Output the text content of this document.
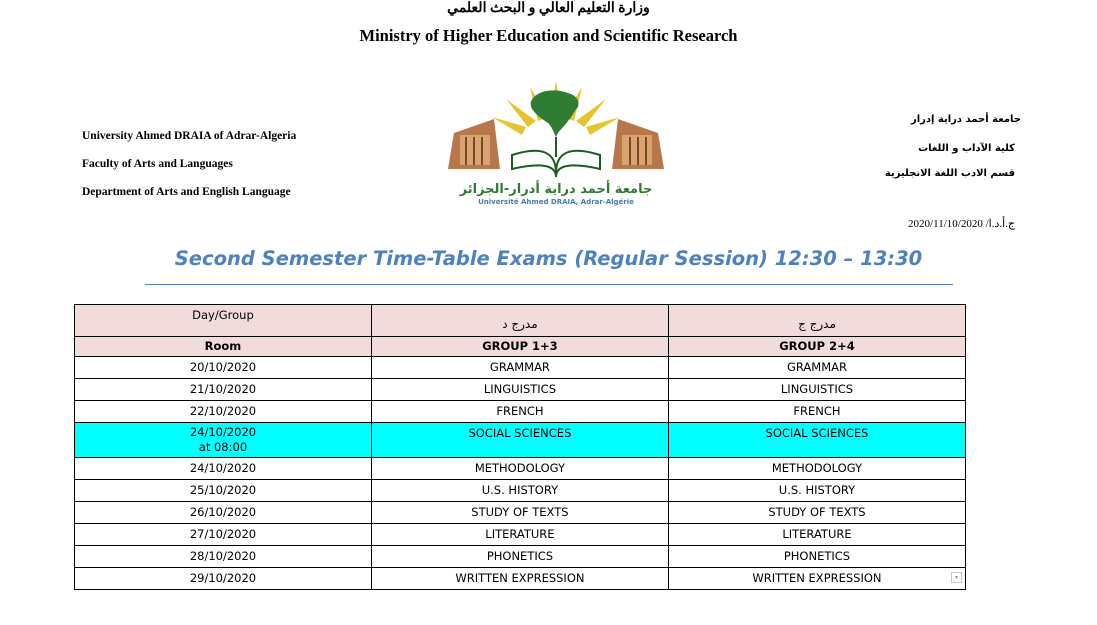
وزارة التعليم العالي و البحث العلمي
Ministry of Higher Education and Scientific Research
University Ahmed DRAIA of Adrar-Algeria
Faculty of Arts and Languages
Department of Arts and English Language
جامعة أحمد دراية إدرار
كلية الآداب و اللغات
قسم الادب اللغة الانجليزية
2020/ج.أ.د.ا/ 11/10/2020
جامعة أحمد دراية أدرار-الجزائر
Université Ahmed DRAIA, Adrar-Algérie
Second Semester Time-Table Exams (Regular Session) 12:30 – 13:30
Day/Group	مدرج د	مدرج ج
Room	GROUP 1+3	GROUP 2+4
20/10/2020	GRAMMAR	GRAMMAR
21/10/2020	LINGUISTICS	LINGUISTICS
22/10/2020	FRENCH	FRENCH

24/10/2020
at 08:00	SOCIAL SCIENCES	SOCIAL SCIENCES
24/10/2020	METHODOLOGY	METHODOLOGY
25/10/2020	U.S. HISTORY	U.S. HISTORY
26/10/2020	STUDY OF TEXTS	STUDY OF TEXTS
27/10/2020	LITERATURE	LITERATURE
28/10/2020	PHONETICS	PHONETICS
29/10/2020	WRITTEN EXPRESSION	WRITTEN EXPRESSION ▾
